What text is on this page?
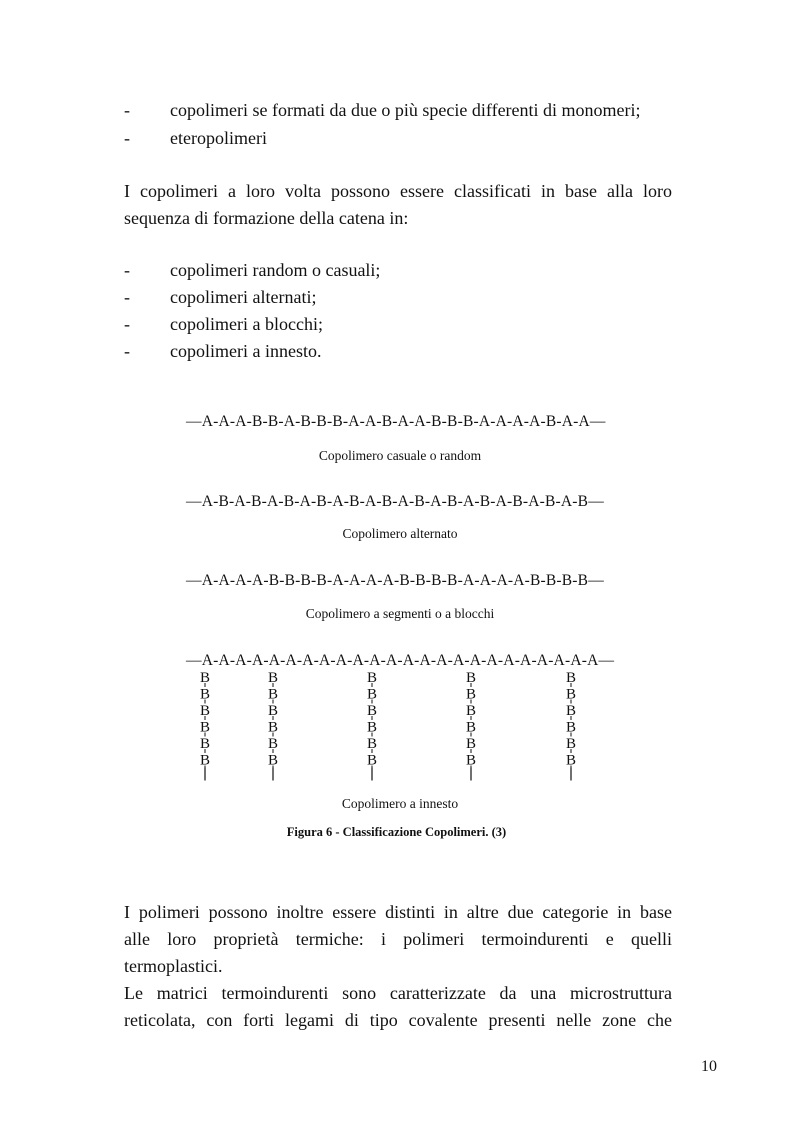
- copolimeri se formati da due o più specie differenti di monomeri;
- eteropolimeri
I copolimeri a loro volta possono essere classificati in base alla loro
sequenza di formazione della catena in:
- copolimeri random o casuali;
- copolimeri alternati;
- copolimeri a blocchi;
- copolimeri a innesto.
—A-A-A-B-B-A-B-B-B-A-A-B-A-A-B-B-B-A-A-A-A-B-A-A—
Copolimero casuale o random
—A-B-A-B-A-B-A-B-A-B-A-B-A-B-A-B-A-B-A-B-A-B-A-B—
Copolimero alternato
—A-A-A-A-B-B-B-B-A-A-A-A-B-B-B-B-A-A-A-A-B-B-B-B—
Copolimero a segmenti o a blocchi
—A-A-A-A-A-A-A-A-A-A-A-A-A-A-A-A-A-A-A-A-A-A-A-A—
B
B
B
B
B
B
B
B
B
B
B
B
B
B
B
B
B
B
B
B
B
B
B
B
B
B
B
B
B
B
Copolimero a innesto
Figura 6 - Classificazione Copolimeri. (3)
I polimeri possono inoltre essere distinti in altre due categorie in base
alle loro proprietà termiche: i polimeri termoindurenti e quelli
termoplastici.
Le matrici termoindurenti sono caratterizzate da una microstruttura
reticolata, con forti legami di tipo covalente presenti nelle zone che
10
